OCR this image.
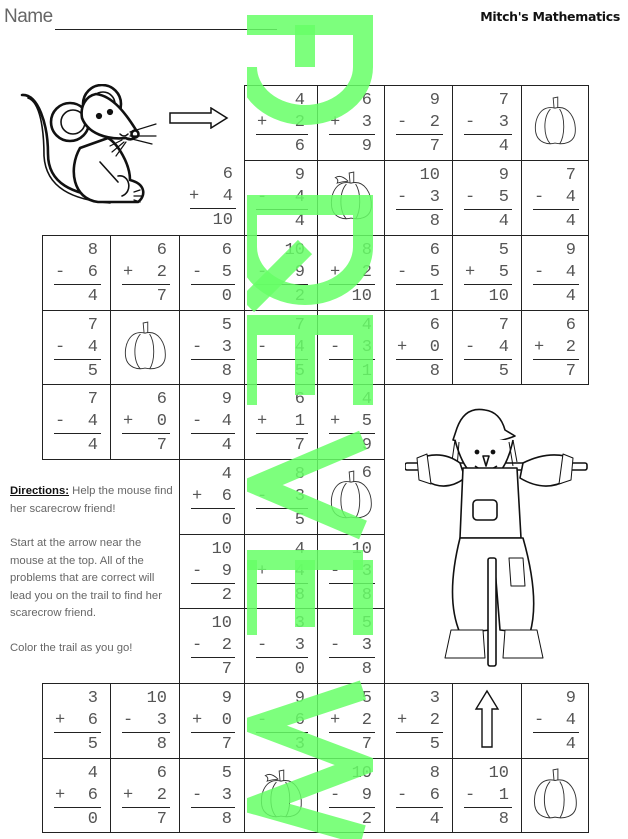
Name	Mitch's Mathematics
4
+ 2
6
6
+ 3
9
9
- 2
7
7
- 3
4
6
+ 4
10
9
- 4
4
10
- 3
8
9
- 5
4
7
- 4
4
8
- 6
4
6
+ 2
7
6
- 5
0
10
- 9
2
8
+ 2
10
6
- 5
1
5
+ 5
10
9
- 4
4
7
- 4
5
5
- 3
8
7
- 4
5
4
- 3
1
6
+ 0
8
7
- 4
5
6
+ 2
7
7
- 4
4
6
+ 0
7
9
- 4
4
6
+ 1
7
4
+ 5
9
4
+ 6
0
8
- 3
5
6
10
- 9
2
4
+ 4
8
10
- 3
8
10
- 2
7
3
- 3
0
5
- 3
8
3
+ 6
5
10
- 3
8
9
+ 0
7
9
- 6
3
5
+ 2
7
3
+ 2
5
9
- 4
4
4
+ 6
0
6
+ 2
7
5
- 3
8
10
- 9
2
8
- 6
4
10
- 1
8

Directions: Help the mouse find her scarecrow friend!

Start at the arrow near the mouse at the top. All of the problems that are correct will lead you on the trail to find her scarecrow friend.

Color the trail as you go!
